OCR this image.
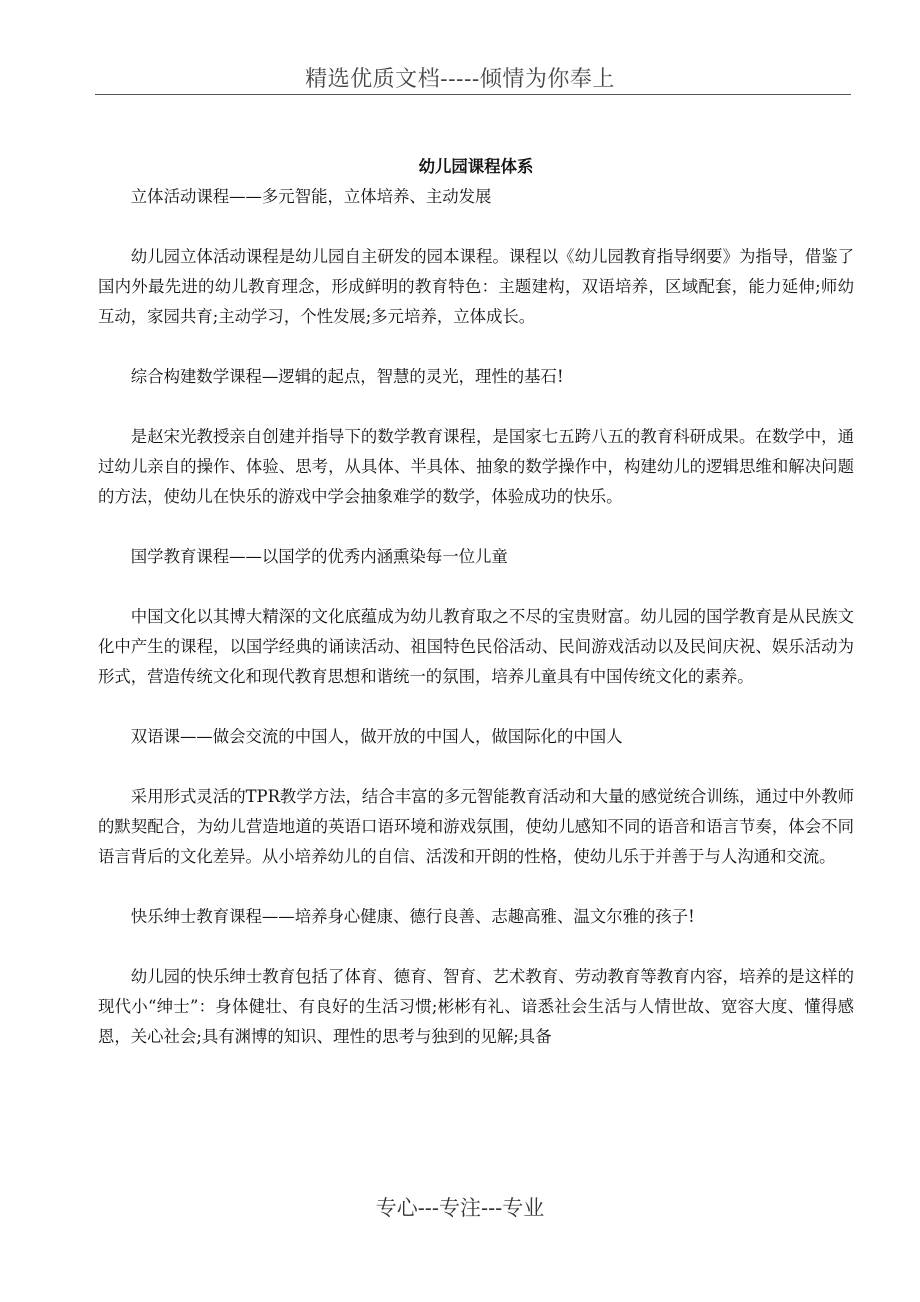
精选优质文档-----倾情为你奉上
幼儿园课程体系

立体活动课程——多元智能，立体培养、主动发展

幼儿园立体活动课程是幼儿园自主研发的园本课程。课程以《幼儿园教育指导纲要》为指导，借鉴了国内外最先进的幼儿教育理念，形成鲜明的教育特色：主题建构，双语培养，区域配套，能力延伸;师幼互动，家园共育;主动学习，个性发展;多元培养，立体成长。

综合构建数学课程—逻辑的起点，智慧的灵光，理性的基石!

是赵宋光教授亲自创建并指导下的数学教育课程，是国家七五跨八五的教育科研成果。在数学中，通过幼儿亲自的操作、体验、思考，从具体、半具体、抽象的数学操作中，构建幼儿的逻辑思维和解决问题的方法，使幼儿在快乐的游戏中学会抽象难学的数学，体验成功的快乐。

国学教育课程——以国学的优秀内涵熏染每一位儿童

中国文化以其博大精深的文化底蕴成为幼儿教育取之不尽的宝贵财富。幼儿园的国学教育是从民族文化中产生的课程，以国学经典的诵读活动、祖国特色民俗活动、民间游戏活动以及民间庆祝、娱乐活动为形式，营造传统文化和现代教育思想和谐统一的氛围，培养儿童具有中国传统文化的素养。

双语课——做会交流的中国人，做开放的中国人，做国际化的中国人

采用形式灵活的TPR教学方法，结合丰富的多元智能教育活动和大量的感觉统合训练，通过中外教师的默契配合，为幼儿营造地道的英语口语环境和游戏氛围，使幼儿感知不同的语音和语言节奏，体会不同语言背后的文化差异。从小培养幼儿的自信、活泼和开朗的性格，使幼儿乐于并善于与人沟通和交流。

快乐绅士教育课程——培养身心健康、德行良善、志趣高雅、温文尔雅的孩子!

幼儿园的快乐绅士教育包括了体育、德育、智育、艺术教育、劳动教育等教育内容，培养的是这样的现代小“绅士”：身体健壮、有良好的生活习惯;彬彬有礼、谙悉社会生活与人情世故、宽容大度、懂得感恩，关心社会;具有渊博的知识、理性的思考与独到的见解;具备

专心---专注---专业
